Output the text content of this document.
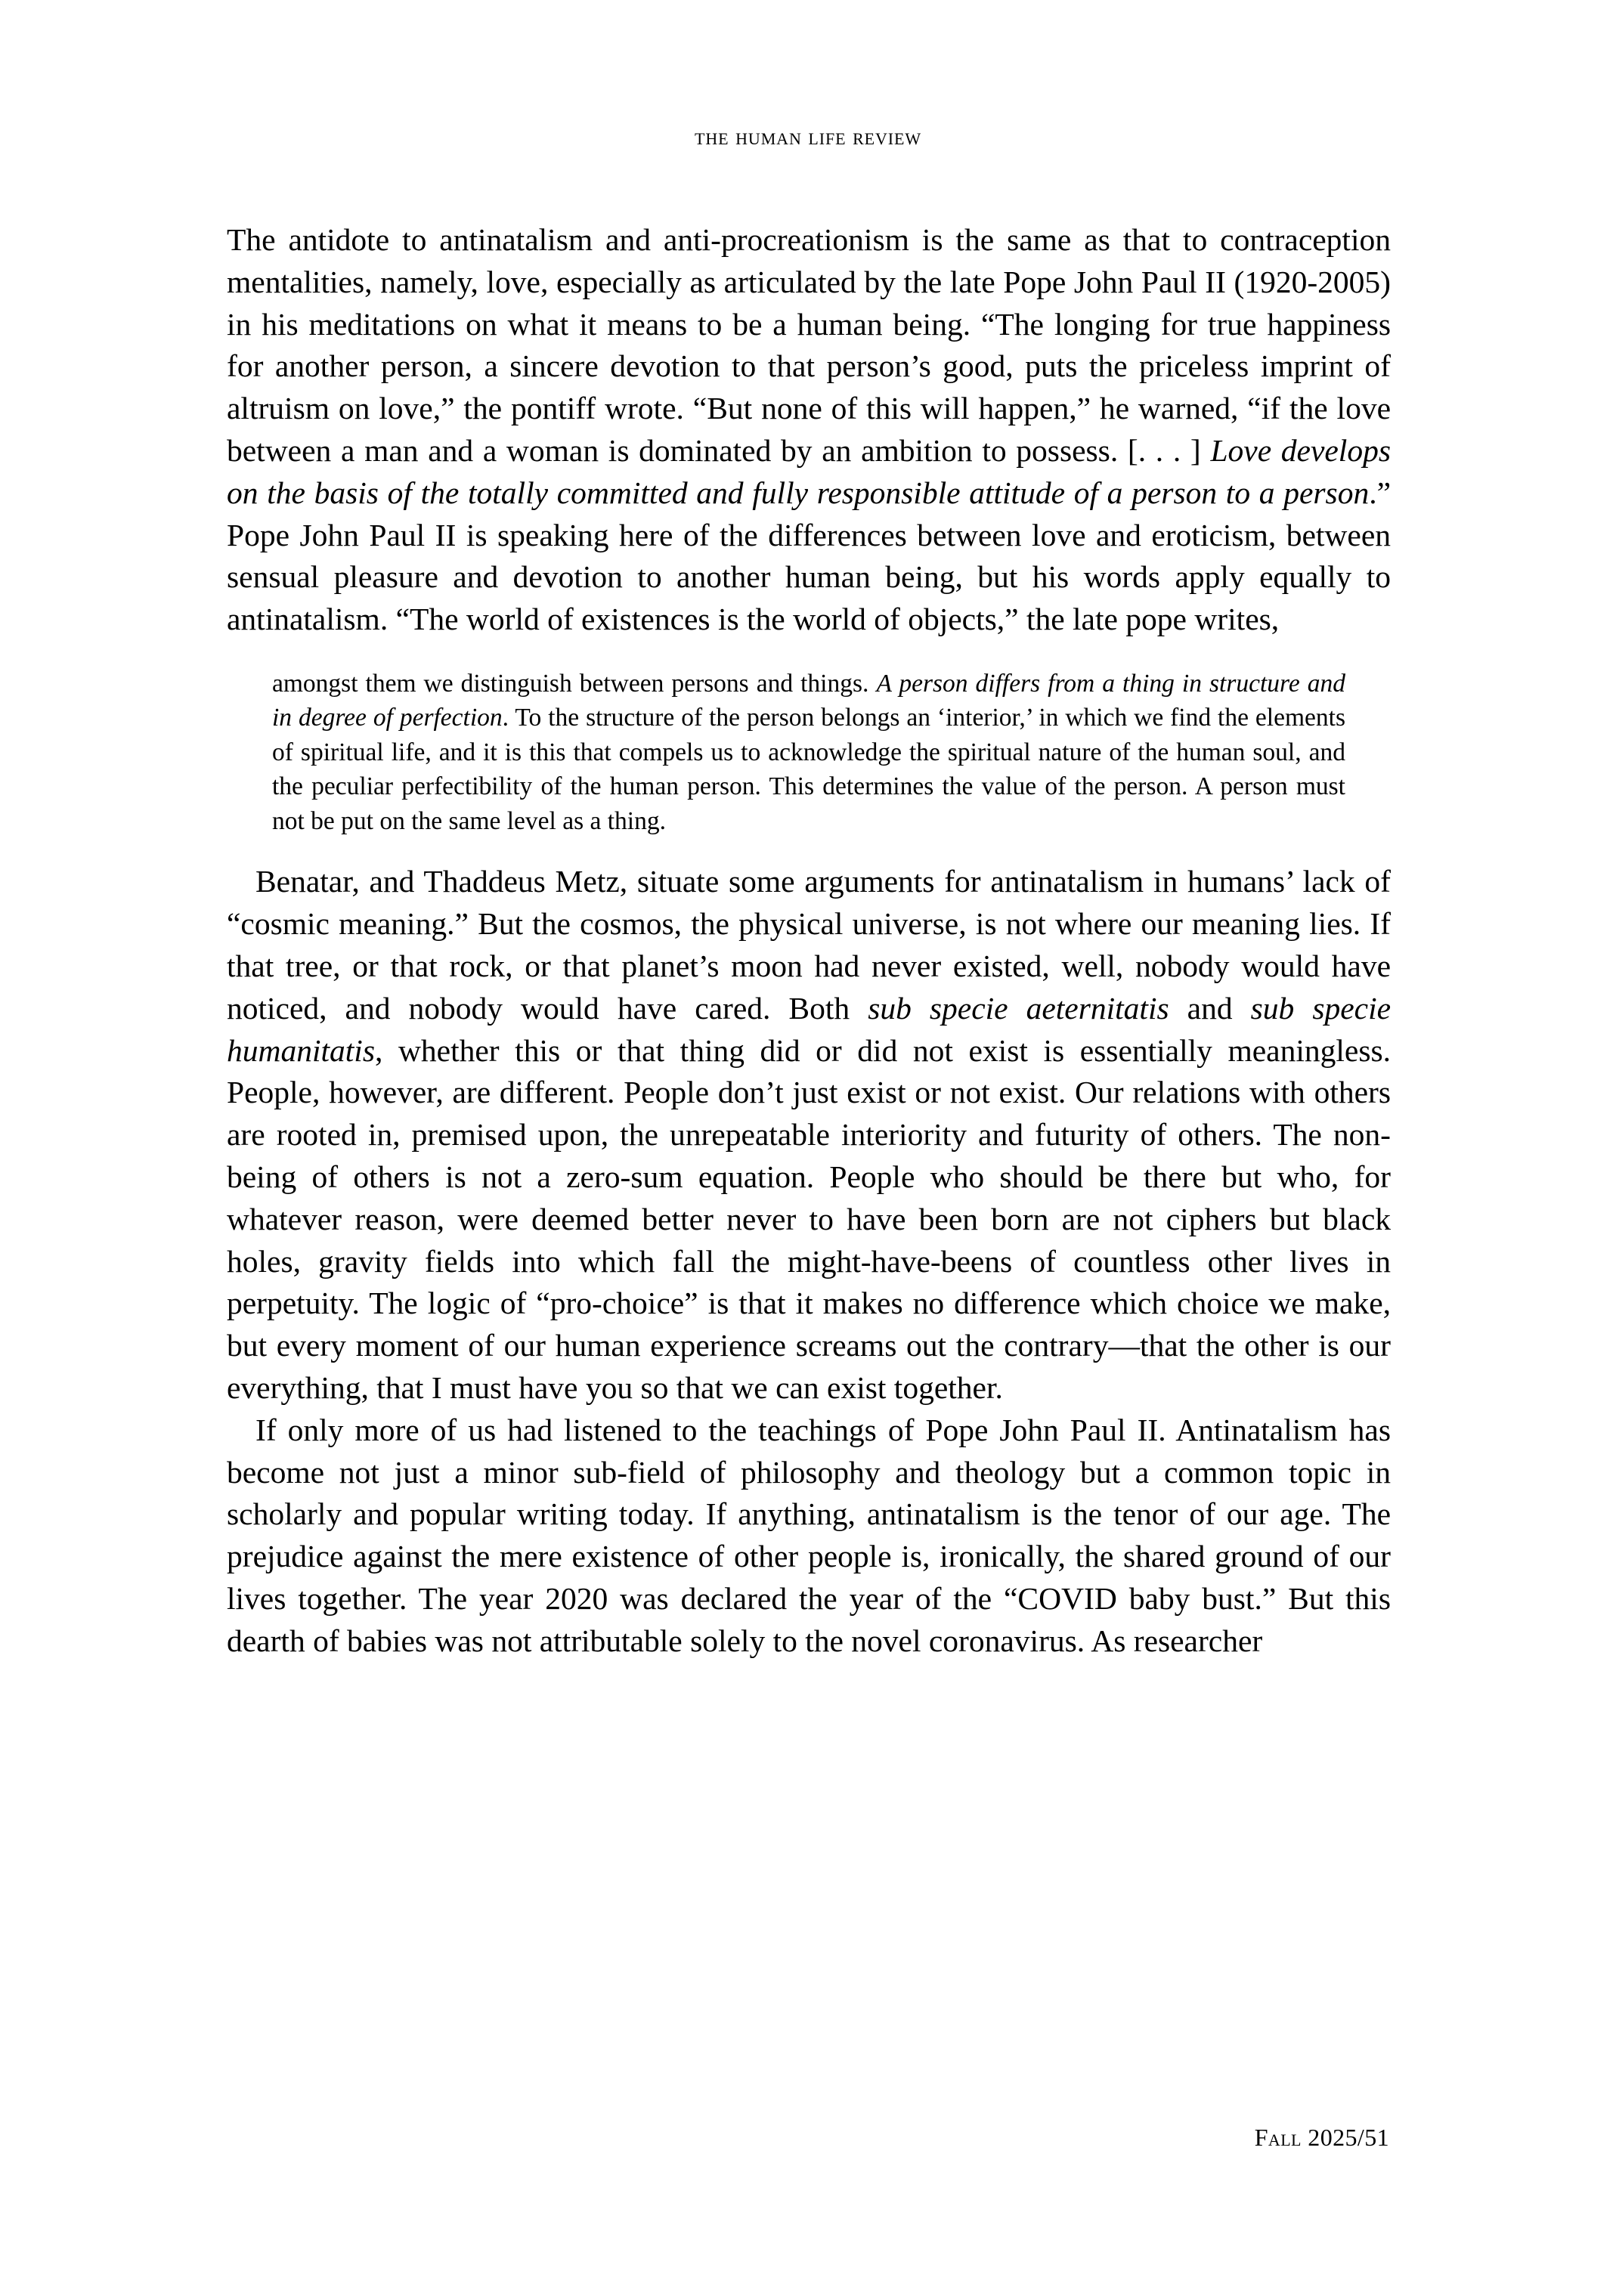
the human life review

The antidote to antinatalism and anti-procreationism is the same as that to contraception mentalities, namely, love, especially as articulated by the late Pope John Paul II (1920-2005) in his meditations on what it means to be a human being. “The longing for true happiness for another person, a sincere devotion to that person’s good, puts the priceless imprint of altruism on love,” the pontiff wrote. “But none of this will happen,” he warned, “if the love between a man and a woman is dominated by an ambition to possess. [. . . ] Love develops on the basis of the totally committed and fully responsible attitude of a person to a person.” Pope John Paul II is speaking here of the differences between love and eroticism, between sensual pleasure and devotion to another human being, but his words apply equally to antinatalism. “The world of existences is the world of objects,” the late pope writes,

amongst them we distinguish between persons and things. A person differs from a thing in structure and in degree of perfection. To the structure of the person belongs an ‘interior,’ in which we find the elements of spiritual life, and it is this that compels us to acknowledge the spiritual nature of the human soul, and the peculiar perfectibility of the human person. This determines the value of the person. A person must not be put on the same level as a thing.

Benatar, and Thaddeus Metz, situate some arguments for antinatalism in humans’ lack of “cosmic meaning.” But the cosmos, the physical universe, is not where our meaning lies. If that tree, or that rock, or that planet’s moon had never existed, well, nobody would have noticed, and nobody would have cared. Both sub specie aeternitatis and sub specie humanitatis, whether this or that thing did or did not exist is essentially meaningless. People, however, are different. People don’t just exist or not exist. Our relations with others are rooted in, premised upon, the unrepeatable interiority and futurity of others. The non-being of others is not a zero-sum equation. People who should be there but who, for whatever reason, were deemed better never to have been born are not ciphers but black holes, gravity fields into which fall the might-have-beens of countless other lives in perpetuity. The logic of “pro-choice” is that it makes no difference which choice we make, but every moment of our human experience screams out the contrary—that the other is our everything, that I must have you so that we can exist together.

If only more of us had listened to the teachings of Pope John Paul II. Antinatalism has become not just a minor sub-field of philosophy and theology but a common topic in scholarly and popular writing today. If anything, antinatalism is the tenor of our age. The prejudice against the mere existence of other people is, ironically, the shared ground of our lives together. The year 2020 was declared the year of the “COVID baby bust.” But this dearth of babies was not attributable solely to the novel coronavirus. As researcher

Fall 2025/51
